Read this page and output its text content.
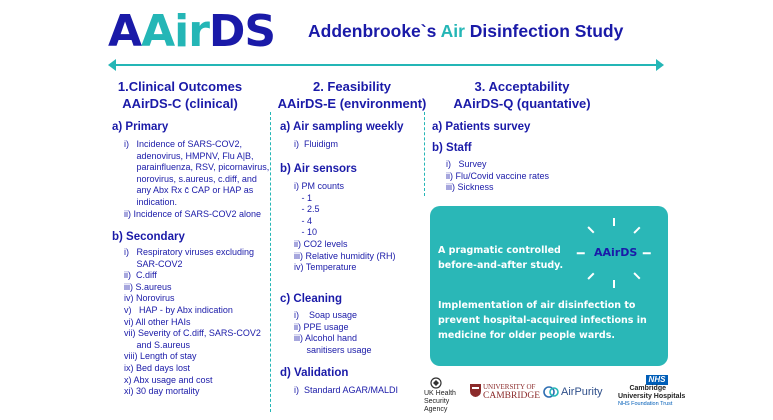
AAirDS Addenbrooke`s Air Disinfection Study
1.Clinical Outcomes
AAirDS-C (clinical)
2. Feasibility
AAirDS-E (environment)
3. Acceptability
AAirDS-Q (quantative)
a) Primary
i)   Incidence of SARS-COV2,
adenovirus, HMPNV, Flu A|B,
parainfluenza, RSV, picornavirus,
norovirus, s.aureus, c.diff, and
any Abx Rx c̄ CAP or HAP as
indication.
ii) Incidence of SARS-COV2 alone
b) Secondary
i)   Respiratory viruses excluding
SAR-COV2
ii)  C.diff
iii) S.aureus
iv) Norovirus
v)   HAP - by Abx indication
vi) All other HAIs
vii) Severity of C.diff, SARS-COV2
and S.aureus
viii) Length of stay
ix) Bed days lost
x) Abx usage and cost
xi) 30 day mortality
a) Air sampling weekly
i)  Fluidigm
b) Air sensors
i) PM counts
- 1
- 2.5
- 4
- 10
ii) CO2 levels
iii) Relative humidity (RH)
iv) Temperature
c) Cleaning
i)    Soap usage
ii) PPE usage
iii) Alcohol hand
sanitisers usage
d) Validation
i)  Standard AGAR/MALDI
a) Patients survey
b) Staff
i)   Survey
ii) Flu/Covid vaccine rates
iii) Sickness
AAirDS
A pragmatic controlled
before-and-after study.
Implementation of air disinfection to
prevent hospital-acquired infections in
medicine for older people wards.
UK Health
Security
Agency
UNIVERSITY OF
CAMBRIDGE AirPurity
NHS
Cambridge
University Hospitals
NHS Foundation Trust
